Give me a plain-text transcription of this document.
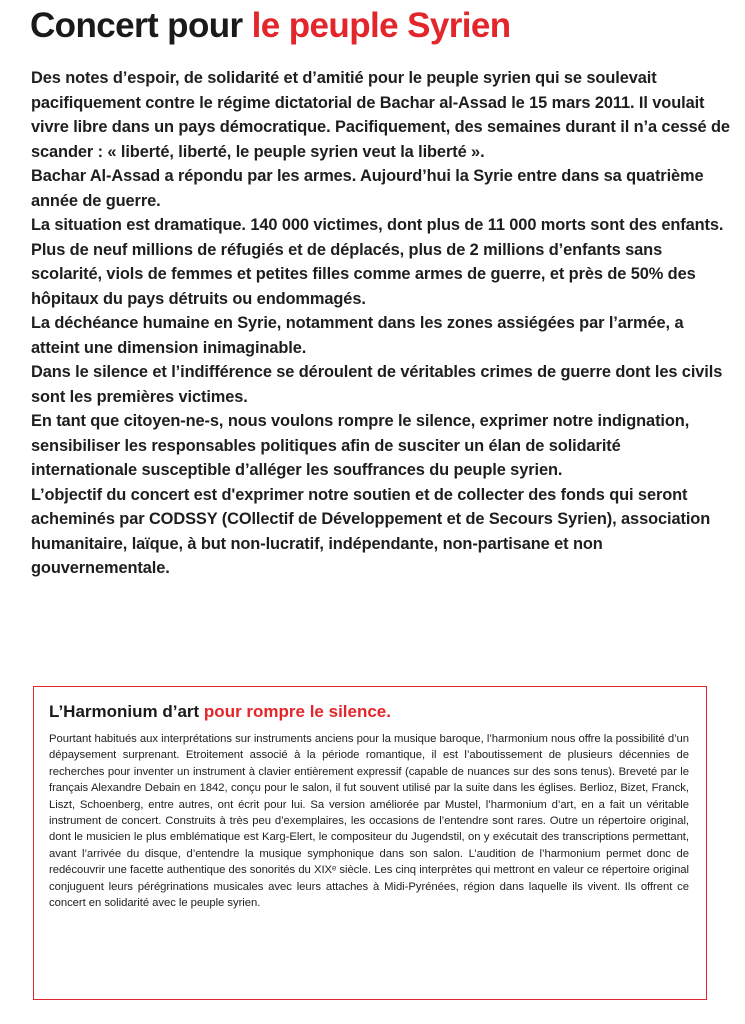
Concert pour le peuple Syrien

Des notes d’espoir, de solidarité et d’amitié pour le peuple syrien qui se soulevait pacifiquement contre le régime dictatorial de Bachar al-Assad le 15 mars 2011. Il voulait vivre libre dans un pays démocratique. Pacifiquement, des semaines durant il n’a cessé de scander : « liberté, liberté, le peuple syrien veut la liberté ».

Bachar Al-Assad a répondu par les armes. Aujourd’hui la Syrie entre dans sa quatrième année de guerre.

La situation est dramatique. 140 000 victimes, dont plus de 11 000 morts sont des enfants. Plus de neuf millions de réfugiés et de déplacés, plus de 2 millions d’enfants sans scolarité, viols de femmes et petites filles comme armes de guerre, et près de 50% des hôpitaux du pays détruits ou endommagés.

La déchéance humaine en Syrie, notamment dans les zones assiégées par l’armée, a atteint une dimension inimaginable.

Dans le silence et l’indifférence se déroulent de véritables crimes de guerre dont les civils sont les premières victimes.

En tant que citoyen-ne-s, nous voulons rompre le silence, exprimer notre indignation, sensibiliser les responsables politiques afin de susciter un élan de solidarité internationale susceptible d’alléger les souffrances du peuple syrien.

L’objectif du concert est d'exprimer notre soutien et de collecter des fonds qui seront acheminés par CODSSY (COllectif de Développement et de Secours Syrien), association humanitaire, laïque, à but non-lucratif, indépendante, non-partisane et non gouvernementale.

L’Harmonium d’art pour rompre le silence.
Pourtant habitués aux interprétations sur instruments anciens pour la musique baroque, l’harmonium nous offre la possibilité d’un dépaysement surprenant. Etroitement associé à la période romantique, il est l’aboutissement de plusieurs décennies de recherches pour inventer un instrument à clavier entièrement expressif (capable de nuances sur des sons tenus). Breveté par le français Alexandre Debain en 1842, conçu pour le salon, il fut souvent utilisé par la suite dans les églises. Berlioz, Bizet, Franck, Liszt, Schoenberg, entre autres, ont écrit pour lui. Sa version améliorée par Mustel, l’harmonium d’art, en a fait un véritable instrument de concert. Construits à très peu d’exemplaires, les occasions de l’entendre sont rares. Outre un répertoire original, dont le musicien le plus emblématique est Karg-Elert, le compositeur du Jugendstil, on y exécutait des transcriptions permettant, avant l’arrivée du disque, d’entendre la musique symphonique dans son salon. L’audition de l’harmonium permet donc de redécouvrir une facette authentique des sonorités du XIXᵉ siècle. Les cinq interprètes qui mettront en valeur ce répertoire original conjuguent leurs pérégrinations musicales avec leurs attaches à Midi-Pyrénées, région dans laquelle ils vivent. Ils offrent ce concert en solidarité avec le peuple syrien.
